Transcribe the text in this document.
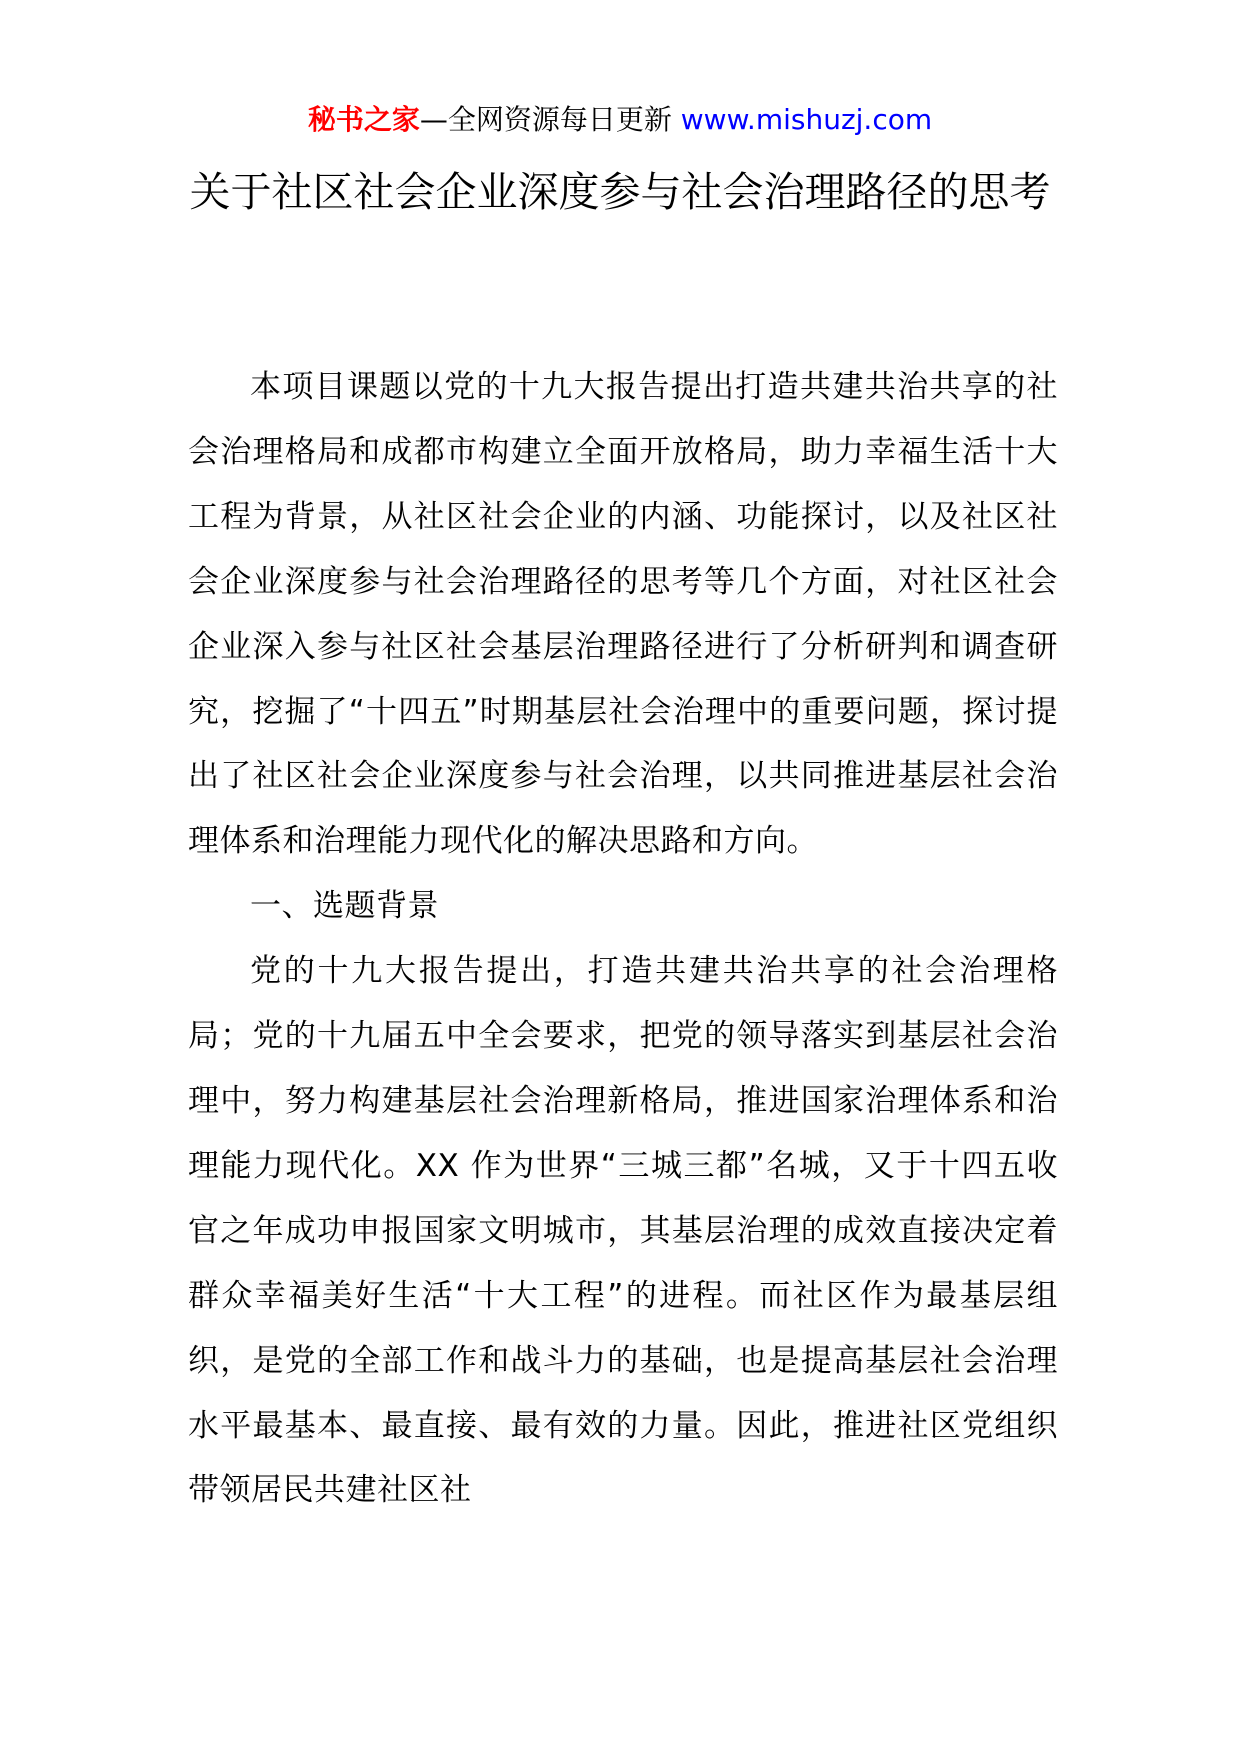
秘书之家—全网资源每日更新 www.mishuzj.com
关于社区社会企业深度参与社会治理路径的思考

本项目课题以党的十九大报告提出打造共建共治共享的社会治理格局和成都市构建立全面开放格局，助力幸福生活十大工程为背景，从社区社会企业的内涵、功能探讨，以及社区社会企业深度参与社会治理路径的思考等几个方面，对社区社会企业深入参与社区社会基层治理路径进行了分析研判和调查研究，挖掘了“十四五”时期基层社会治理中的重要问题，探讨提出了社区社会企业深度参与社会治理，以共同推进基层社会治理体系和治理能力现代化的解决思路和方向。

一、选题背景

党的十九大报告提出，打造共建共治共享的社会治理格局；党的十九届五中全会要求，把党的领导落实到基层社会治理中，努力构建基层社会治理新格局，推进国家治理体系和治理能力现代化。XX 作为世界“三城三都”名城，又于十四五收官之年成功申报国家文明城市，其基层治理的成效直接决定着群众幸福美好生活“十大工程”的进程。而社区作为最基层组织，是党的全部工作和战斗力的基础，也是提高基层社会治理水平最基本、最直接、最有效的力量。因此，推进社区党组织带领居民共建社区社
